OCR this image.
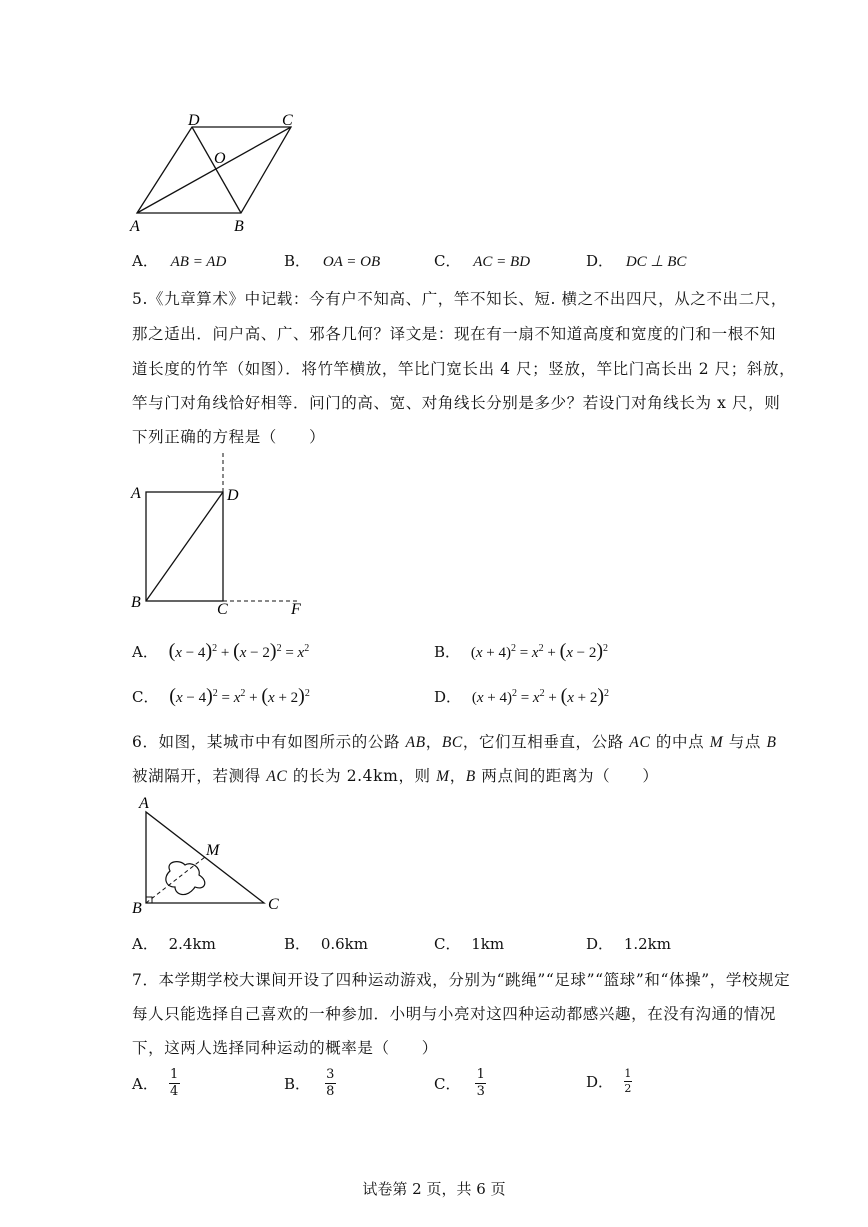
D	C
O
A	B
A． AB = AD	B． OA = OB	C． AC = BD	D． DC ⊥ BC
5.《九章算术》中记载：今有户不知高、广，竿不知长、短. 横之不出四尺，从之不出二尺，
那之适出．问户高、广、邪各几何？译文是：现在有一扇不知道高度和宽度的门和一根不知
道长度的竹竿（如图）．将竹竿横放，竿比门宽长出 4 尺；竖放，竿比门高长出 2 尺；斜放，
竿与门对角线恰好相等．问门的高、宽、对角线长分别是多少？若设门对角线长为 x 尺，则
下列正确的方程是（　　）
A	D
B	C	F
A． $(x - 4)^2 + (x - 2)^2 = x^2$	B． $(x + 4)^2 = x^2 + (x - 2)^2$
C． $(x - 4)^2 = x^2 + (x + 2)^2$	D． $(x + 4)^2 = x^2 + (x + 2)^2$
6．如图，某城市中有如图所示的公路 AB，BC，它们互相垂直，公路 AC 的中点 M 与点 B
被湖隔开，若测得 AC 的长为 2.4km，则 M，B 两点间的距离为（　　）
A
M
B	C
A． 2.4km	B． 0.6km	C． 1km	D． 1.2km
7．本学期学校大课间开设了四种运动游戏，分别为“跳绳”“足球”“篮球”和“体操”，学校规定
每人只能选择自己喜欢的一种参加．小明与小亮对这四种运动都感兴趣，在没有沟通的情况
下，这两人选择同种运动的概率是（　　）
A． $\frac{1}{4}$	B． $\frac{3}{8}$	C． $\frac{1}{3}$	D． $\frac{1}{2}$
试卷第 2 页，共 6 页
